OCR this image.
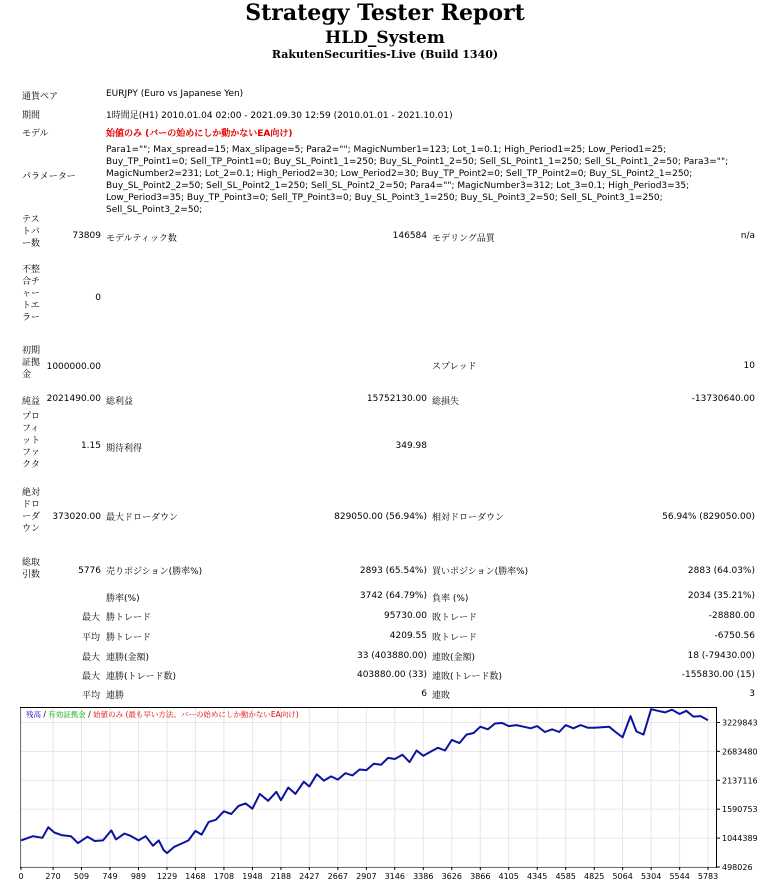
Strategy Tester Report
HLD_System
RakutenSecurities-Live (Build 1340)
通貨ペア	EURJPY (Euro vs Japanese Yen)
期間	1時間足(H1) 2010.01.04 02:00 - 2021.09.30 12:59 (2010.01.01 - 2021.10.01)
モデル	始値のみ (バーの始めにしか動かないEA向け)
パラメーター
Para1=""; Max_spread=15; Max_slipage=5; Para2=""; MagicNumber1=123; Lot_1=0.1; High_Period1=25; Low_Period1=25; Buy_TP_Point1=0; Sell_TP_Point1=0; Buy_SL_Point1_1=250; Buy_SL_Point1_2=50; Sell_SL_Point1_1=250; Sell_SL_Point1_2=50; Para3=""; MagicNumber2=231; Lot_2=0.1; High_Period2=30; Low_Period2=30; Buy_TP_Point2=0; Sell_TP_Point2=0; Buy_SL_Point2_1=250; Buy_SL_Point2_2=50; Sell_SL_Point2_1=250; Sell_SL_Point2_2=50; Para4=""; MagicNumber3=312; Lot_3=0.1; High_Period3=35; Low_Period3=35; Buy_TP_Point3=0; Sell_TP_Point3=0; Buy_SL_Point3_1=250; Buy_SL_Point3_2=50; Sell_SL_Point3_1=250; Sell_SL_Point3_2=50;
テストバー数
73809 モデルティック数	146584 モデリング品質	n/a
不整合チャートエラー
0
初期証拠金
1000000.00	スプレッド	10
純益 2021490.00 総利益	15752130.00 総損失	-13730640.00
プロフィットファクタ
1.15 期待利得	349.98
絶対ドローダウン
373020.00 最大ドローダウン	829050.00 (56.94%) 相対ドローダウン	56.94% (829050.00)
総取引数	5776 売りポジション(勝率%)	2893 (65.54%) 買いポジション(勝率%)	2883 (64.03%)
勝率(%)	3742 (64.79%) 負率 (%)	2034 (35.21%)
最大 勝トレード	95730.00 敗トレード	-28880.00
平均 勝トレード	4209.55 敗トレード	-6750.56
最大 連勝(金額)	33 (403880.00) 連敗(金額)	18 (-79430.00)
最大 連勝(トレード数)	403880.00 (33) 連敗(トレード数)	-155830.00 (15)
平均 連勝	6 連敗	3
残高 / 有効証拠金 / 始値のみ (最も早い方法、バーの始めにしか動かないEA向け)
3229843
2683480
2137116
1590753
1044389
498026
0	270 509 749 989 1229 1468 1708 1948 2188 2427 2667 2907 3146 3386 3626 3866 4105 4345 4585 4825 5064 5304 5544 5783
